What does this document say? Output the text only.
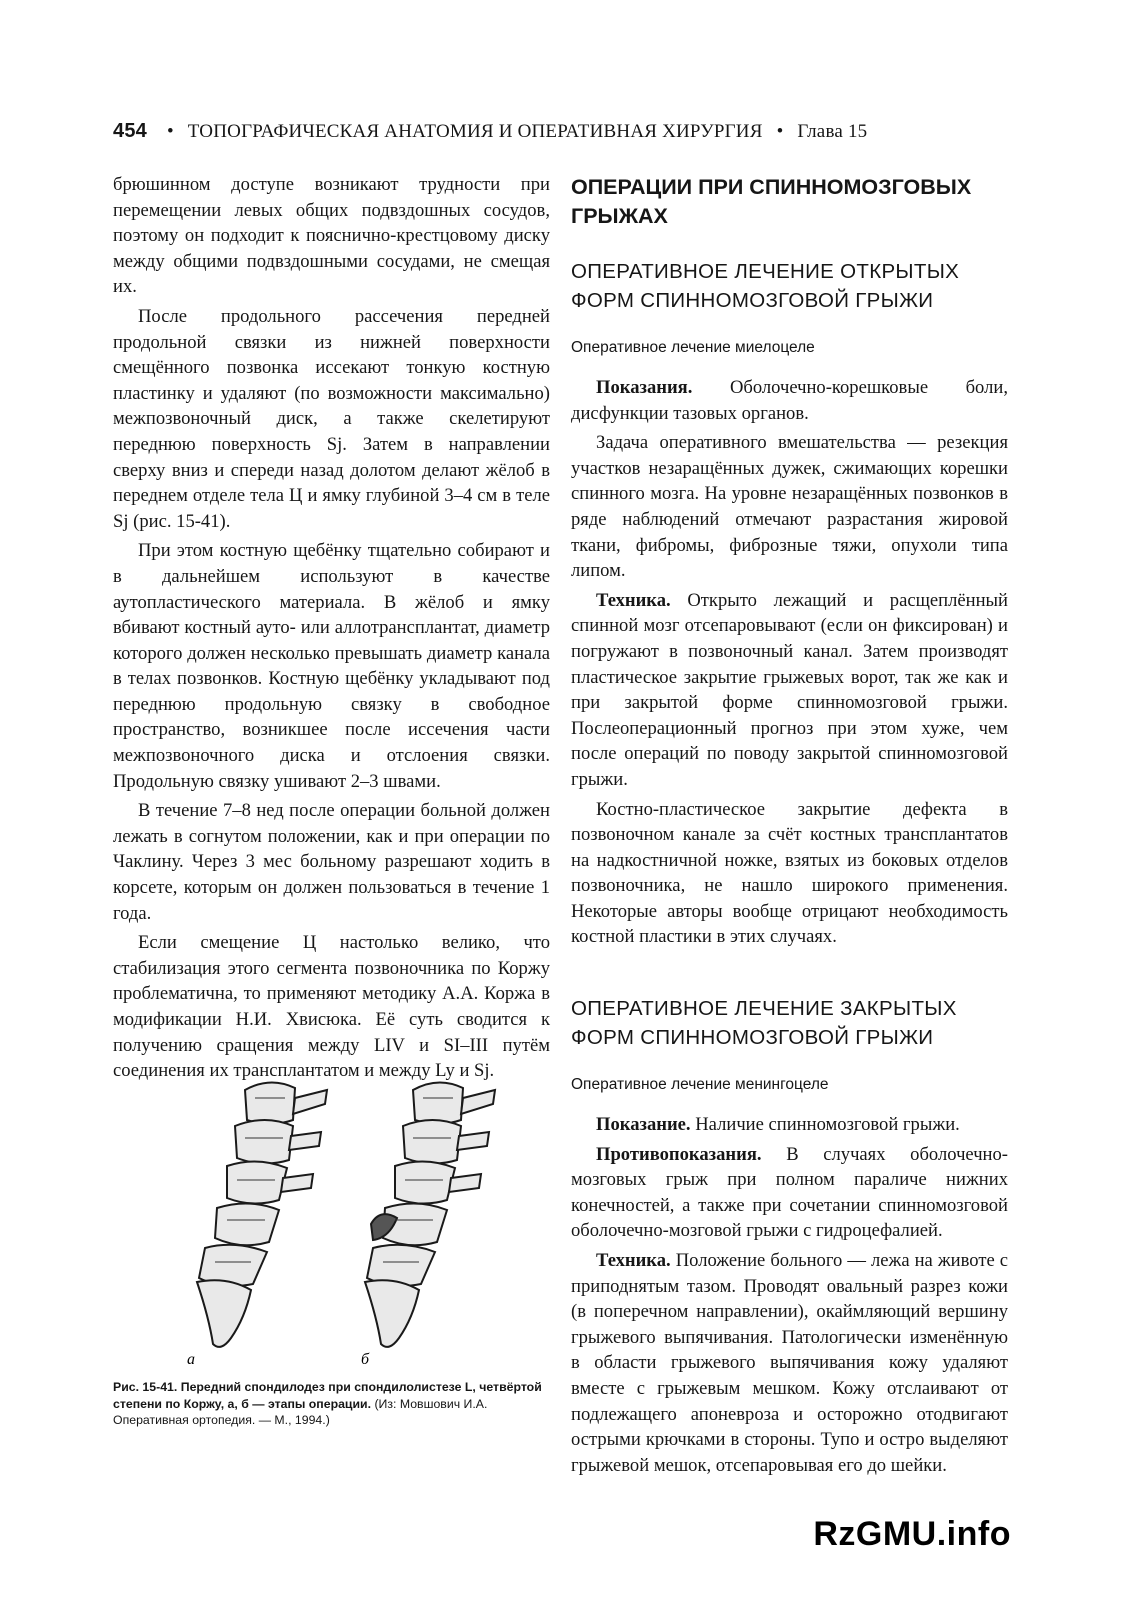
454 • ТОПОГРАФИЧЕСКАЯ АНАТОМИЯ И ОПЕРАТИВНАЯ ХИРУРГИЯ • Глава 15

брюшинном доступе возникают трудности при перемещении левых общих подвздошных сосудов, поэтому он подходит к пояснично-крестцовому диску между общими подвздошными сосудами, не смещая их.

После продольного рассечения передней продольной связки из нижней поверхности смещённого позвонка иссекают тонкую костную пластинку и удаляют (по возможности максимально) межпозвоночный диск, а также скелетируют переднюю поверхность Sj. Затем в направлении сверху вниз и спереди назад долотом делают жёлоб в переднем отделе тела Ц и ямку глубиной 3–4 см в теле Sj (рис. 15-41).

При этом костную щебёнку тщательно собирают и в дальнейшем используют в качестве аутопластического материала. В жёлоб и ямку вбивают костный ауто- или аллотрансплантат, диаметр которого должен несколько превышать диаметр канала в телах позвонков. Костную щебёнку укладывают под переднюю продольную связку в свободное пространство, возникшее после иссечения части межпозвоночного диска и отслоения связки. Продольную связку ушивают 2–3 швами.

В течение 7–8 нед после операции больной должен лежать в согнутом положении, как и при операции по Чаклину. Через 3 мес больному разрешают ходить в корсете, которым он должен пользоваться в течение 1 года.

Если смещение Ц настолько велико, что стабилизация этого сегмента позвоночника по Коржу проблематична, то применяют методику А.А. Коржа в модификации Н.И. Хвисюка. Её суть сводится к получению сращения между LIV и SI–III путём соединения их трансплантатом и между Ly и Sj.

а	б
Рис. 15-41. Передний спондилодез при спондилолистезе L, четвёртой степени по Коржу, а, б — этапы операции. (Из: Мовшович И.А. Оперативная ортопедия. — М., 1994.)
ОПЕРАЦИИ ПРИ СПИННОМОЗГОВЫХ ГРЫЖАХ
ОПЕРАТИВНОЕ ЛЕЧЕНИЕ ОТКРЫТЫХ ФОРМ СПИННОМОЗГОВОЙ ГРЫЖИ
Оперативное лечение миелоцеле

Показания. Оболочечно-корешковые боли, дисфункции тазовых органов.

Задача оперативного вмешательства — резекция участков незаращённых дужек, сжимающих корешки спинного мозга. На уровне незаращённых позвонков в ряде наблюдений отмечают разрастания жировой ткани, фибромы, фиброзные тяжи, опухоли типа липом.

Техника. Открыто лежащий и расщеплённый спинной мозг отсепаровывают (если он фиксирован) и погружают в позвоночный канал. Затем производят пластическое закрытие грыжевых ворот, так же как и при закрытой форме спинномозговой грыжи. Послеоперационный прогноз при этом хуже, чем после операций по поводу закрытой спинномозговой грыжи.

Костно-пластическое закрытие дефекта в позвоночном канале за счёт костных трансплантатов на надкостничной ножке, взятых из боковых отделов позвоночника, не нашло широкого применения. Некоторые авторы вообще отрицают необходимость костной пластики в этих случаях.

ОПЕРАТИВНОЕ ЛЕЧЕНИЕ ЗАКРЫТЫХ ФОРМ СПИННОМОЗГОВОЙ ГРЫЖИ
Оперативное лечение менингоцеле

Показание. Наличие спинномозговой грыжи.

Противопоказания. В случаях оболочечно-мозговых грыж при полном параличе нижних конечностей, а также при сочетании спинномозговой оболочечно-мозговой грыжи с гидроцефалией.

Техника. Положение больного — лежа на животе с приподнятым тазом. Проводят овальный разрез кожи (в поперечном направлении), окаймляющий вершину грыжевого выпячивания. Патологически изменённую в области грыжевого выпячивания кожу удаляют вместе с грыжевым мешком. Кожу отслаивают от подлежащего апоневроза и осторожно отодвигают острыми крючками в стороны. Тупо и остро выделяют грыжевой мешок, отсепаровывая его до шейки.

RzGMU.info
